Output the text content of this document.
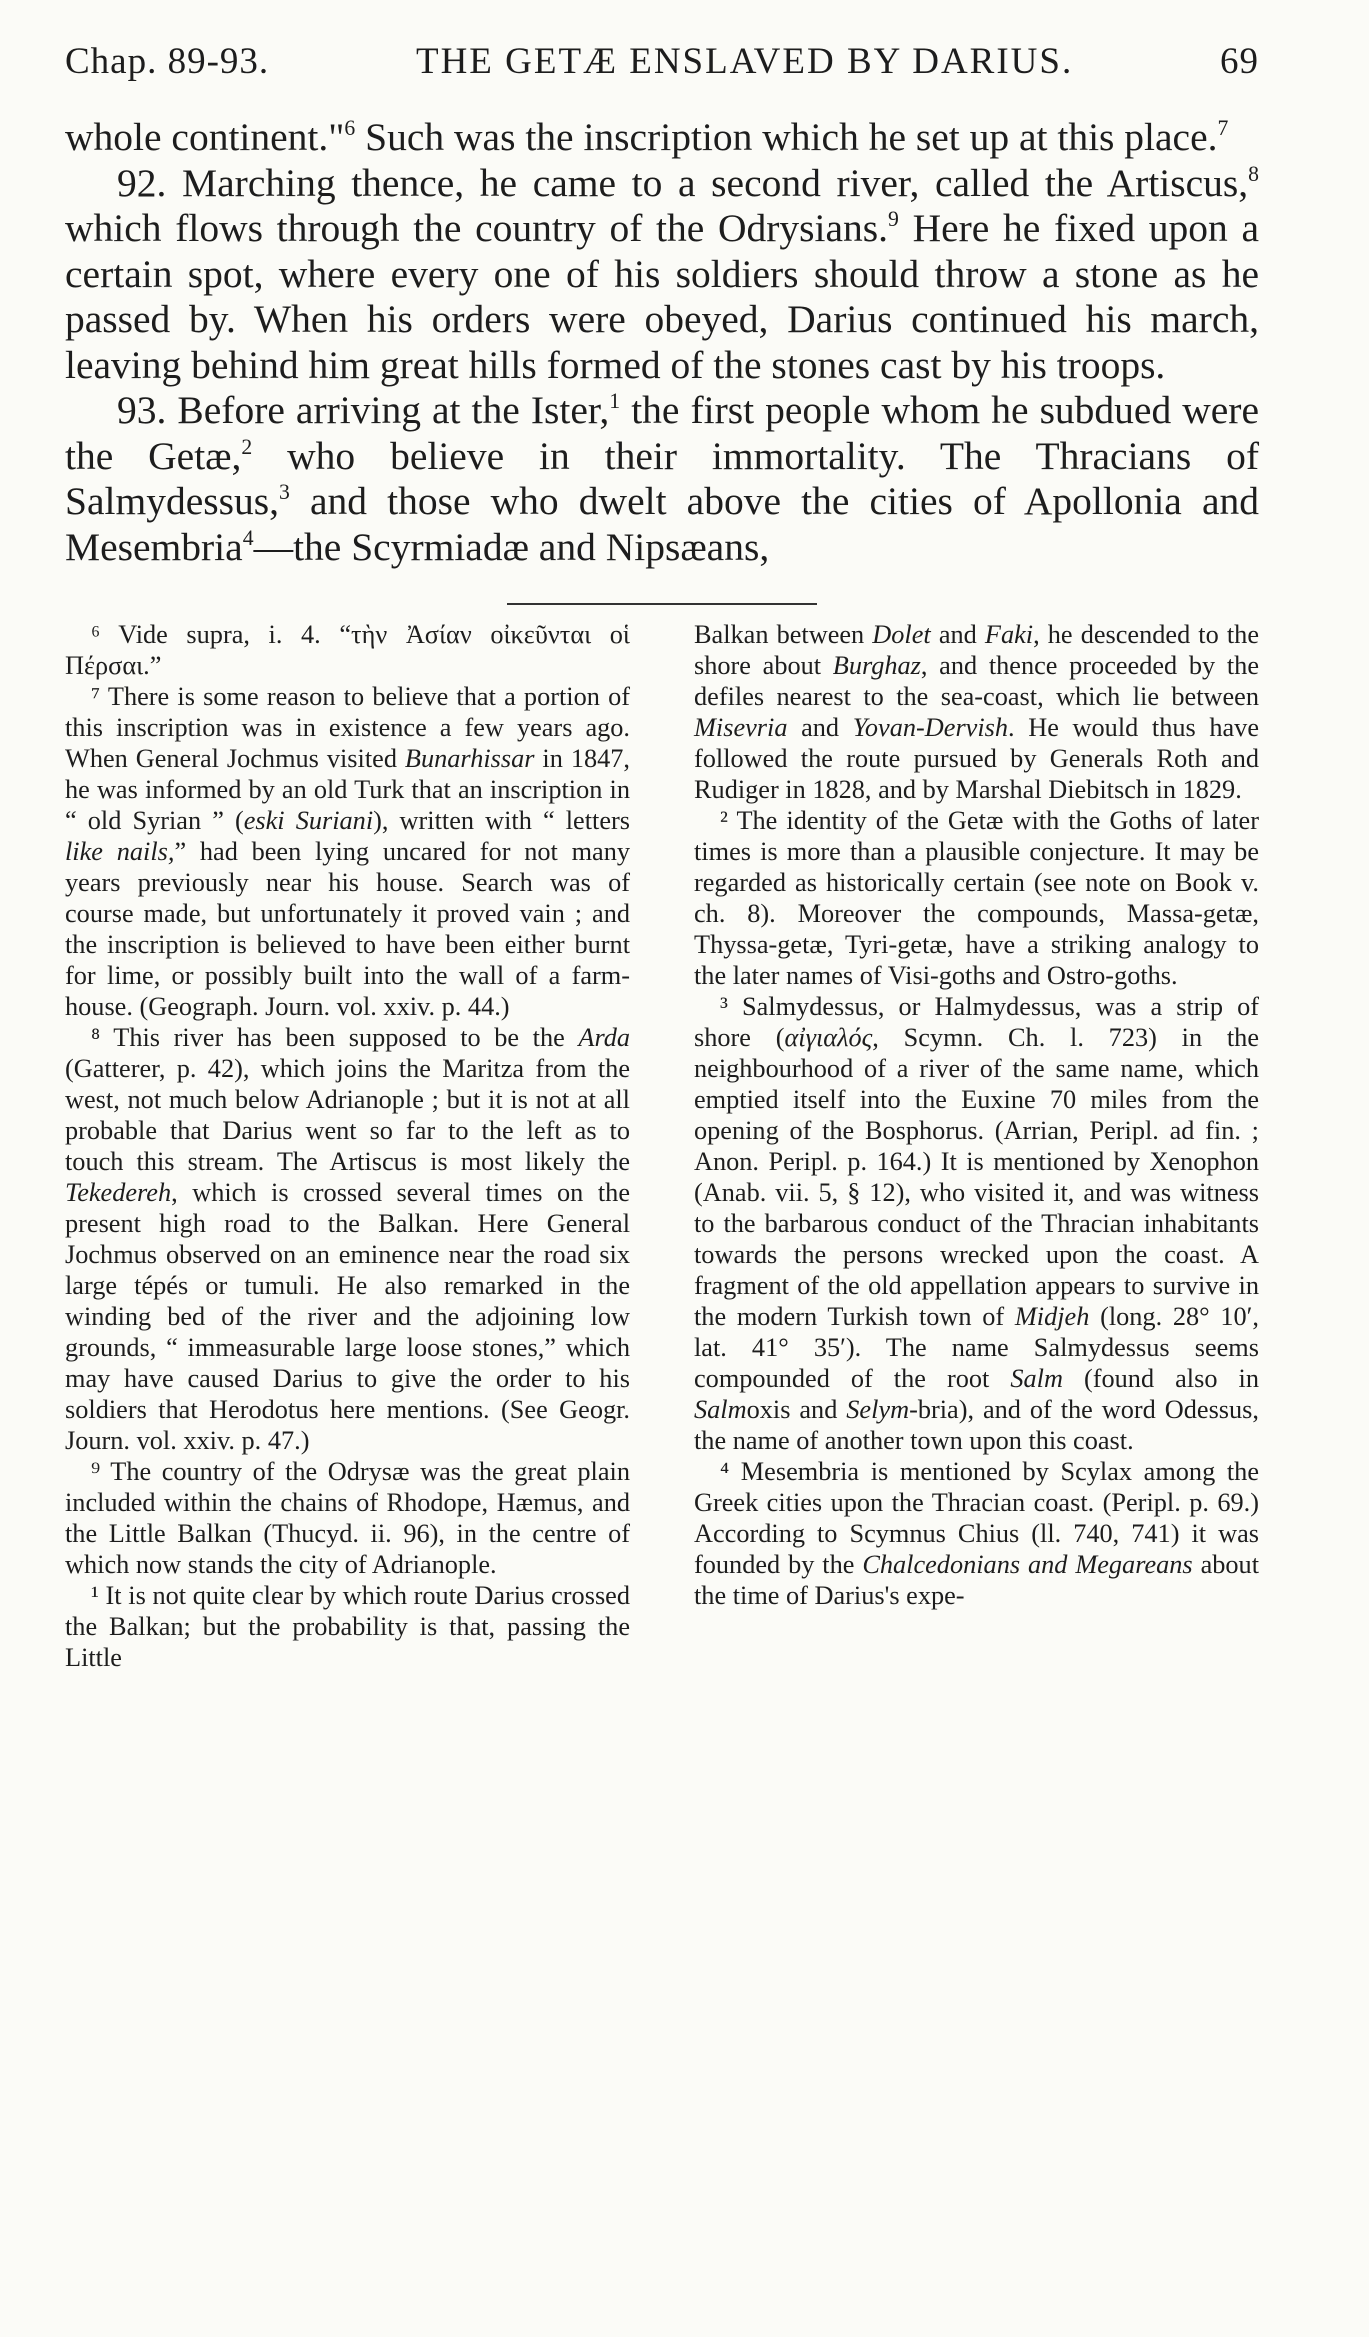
Chap. 89-93.	THE GETÆ ENSLAVED BY DARIUS.	69

whole continent."$^6$ Such was the inscription which he set up at this place.$^7$

92. Marching thence, he came to a second river, called the Artiscus,$^8$ which flows through the country of the Odrysians.$^9$ Here he fixed upon a certain spot, where every one of his soldiers should throw a stone as he passed by. When his orders were obeyed, Darius continued his march, leaving behind him great hills formed of the stones cast by his troops.

93. Before arriving at the Ister,$^1$ the first people whom he subdued were the Getæ,$^2$ who believe in their immortality. The Thracians of Salmydessus,$^3$ and those who dwelt above the cities of Apollonia and Mesembria$^4$—the Scyrmiadæ and Nipsæans,

⁶ Vide supra, i. 4. “τὴν Ἀσίαν οἰκεῦνται οἱ Πέρσαι.”

⁷ There is some reason to believe that a portion of this inscription was in existence a few years ago. When General Jochmus visited Bunarhissar in 1847, he was informed by an old Turk that an inscription in “ old Syrian ” (eski Suriani), written with “ letters like nails,” had been lying uncared for not many years previously near his house. Search was of course made, but unfortunately it proved vain ; and the inscription is believed to have been either burnt for lime, or possibly built into the wall of a farm-house. (Geograph. Journ. vol. xxiv. p. 44.)

⁸ This river has been supposed to be the Arda (Gatterer, p. 42), which joins the Maritza from the west, not much below Adrianople ; but it is not at all probable that Darius went so far to the left as to touch this stream. The Artiscus is most likely the Tekedereh, which is crossed several times on the present high road to the Balkan. Here General Jochmus observed on an eminence near the road six large tépés or tumuli. He also remarked in the winding bed of the river and the adjoining low grounds, “ immeasurable large loose stones,” which may have caused Darius to give the order to his soldiers that Herodotus here mentions. (See Geogr. Journ. vol. xxiv. p. 47.)

⁹ The country of the Odrysæ was the great plain included within the chains of Rhodope, Hæmus, and the Little Balkan (Thucyd. ii. 96), in the centre of which now stands the city of Adrianople.

¹ It is not quite clear by which route Darius crossed the Balkan; but the probability is that, passing the Little

Balkan between Dolet and Faki, he descended to the shore about Burghaz, and thence proceeded by the defiles nearest to the sea-coast, which lie between Misevria and Yovan-Dervish. He would thus have followed the route pursued by Generals Roth and Rudiger in 1828, and by Marshal Diebitsch in 1829.

² The identity of the Getæ with the Goths of later times is more than a plausible conjecture. It may be regarded as historically certain (see note on Book v. ch. 8). Moreover the compounds, Massa-getæ, Thyssa-getæ, Tyri-getæ, have a striking analogy to the later names of Visi-goths and Ostro-goths.

³ Salmydessus, or Halmydessus, was a strip of shore (αἰγιαλός, Scymn. Ch. l. 723) in the neighbourhood of a river of the same name, which emptied itself into the Euxine 70 miles from the opening of the Bosphorus. (Arrian, Peripl. ad fin. ; Anon. Peripl. p. 164.) It is mentioned by Xenophon (Anab. vii. 5, § 12), who visited it, and was witness to the barbarous conduct of the Thracian inhabitants towards the persons wrecked upon the coast. A fragment of the old appellation appears to survive in the modern Turkish town of Midjeh (long. 28° 10′, lat. 41° 35′). The name Salmydessus seems compounded of the root Salm (found also in Salmoxis and Selym-bria), and of the word Odessus, the name of another town upon this coast.

⁴ Mesembria is mentioned by Scylax among the Greek cities upon the Thracian coast. (Peripl. p. 69.) According to Scymnus Chius (ll. 740, 741) it was founded by the Chalcedonians and Megareans about the time of Darius's expe-
